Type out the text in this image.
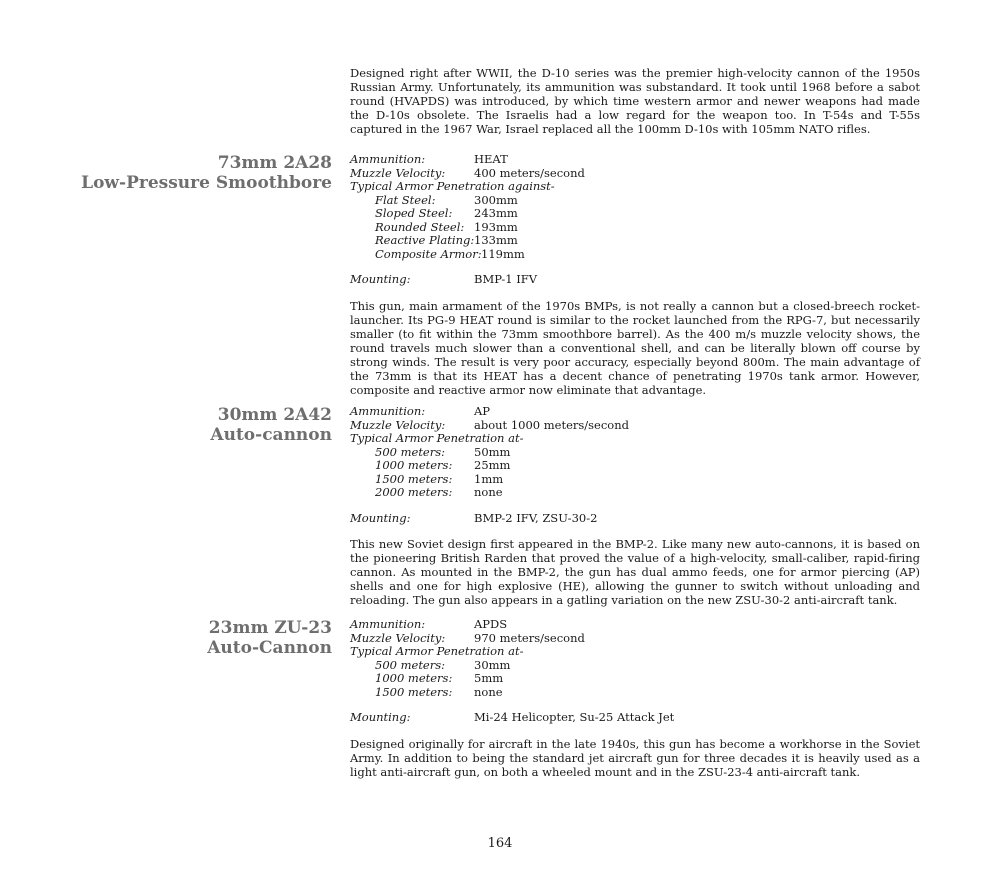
Designed right after WWII, the D-10 series was the premier high-velocity cannon of the 1950s Russian Army. Unfortunately, its ammunition was substandard. It took until 1968 before a sabot round (HVAPDS) was introduced, by which time western armor and newer weapons had made the D-10s obsolete. The Israelis had a low regard for the weapon too. In T-54s and T-55s captured in the 1967 War, Israel replaced all the 100mm D-10s with 105mm NATO rifles.

73mm 2A28
Low-Pressure Smoothbore
Ammunition:	HEAT
Muzzle Velocity:	400 meters/second
Typical Armor Penetration against-
Flat Steel:	300mm
Sloped Steel:	243mm
Rounded Steel: 193mm
Reactive Plating: 133mm
Composite Armor: 119mm
Mounting:	BMP-1 IFV

This gun, main armament of the 1970s BMPs, is not really a cannon but a closed-breech rocket-launcher. Its PG-9 HEAT round is similar to the rocket launched from the RPG-7, but necessarily smaller (to fit within the 73mm smoothbore barrel). As the 400 m/s muzzle velocity shows, the round travels much slower than a conventional shell, and can be literally blown off course by strong winds. The result is very poor accuracy, especially beyond 800m. The main advantage of the 73mm is that its HEAT has a decent chance of penetrating 1970s tank armor. However, composite and reactive armor now eliminate that advantage.

30mm 2A42
Auto-cannon
Ammunition:	AP
Muzzle Velocity:	about 1000 meters/second
Typical Armor Penetration at-
500 meters:	50mm
1000 meters:	25mm
1500 meters:	1mm
2000 meters:	none
Mounting:	BMP-2 IFV, ZSU-30-2

This new Soviet design first appeared in the BMP-2. Like many new auto-cannons, it is based on the pioneering British Rarden that proved the value of a high-velocity, small-caliber, rapid-firing cannon. As mounted in the BMP-2, the gun has dual ammo feeds, one for armor piercing (AP) shells and one for high explosive (HE), allowing the gunner to switch without unloading and reloading. The gun also appears in a gatling variation on the new ZSU-30-2 anti-aircraft tank.

23mm ZU-23
Auto-Cannon
Ammunition:	APDS
Muzzle Velocity:	970 meters/second
Typical Armor Penetration at-
500 meters:	30mm
1000 meters:	5mm
1500 meters:	none
Mounting:	Mi-24 Helicopter, Su-25 Attack Jet

Designed originally for aircraft in the late 1940s, this gun has become a workhorse in the Soviet Army. In addition to being the standard jet aircraft gun for three decades it is heavily used as a light anti-aircraft gun, on both a wheeled mount and in the ZSU-23-4 anti-aircraft tank.

164
